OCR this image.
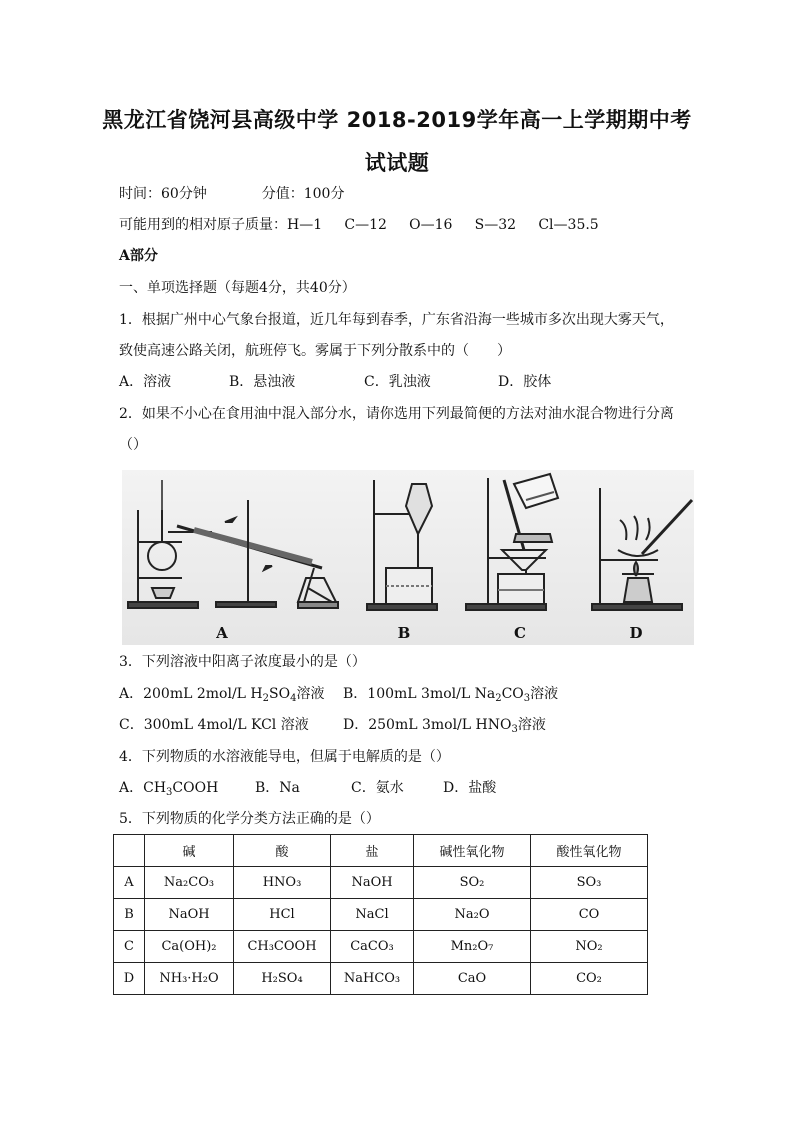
黑龙江省饶河县高级中学 2018-2019学年高一上学期期中考
试试题
时间：60分钟	分值：100分
可能用到的相对原子质量：H—1     C—12     O—16     S—32     Cl—35.5
A部分
一、单项选择题（每题4分，共40分）
1．根据广州中心气象台报道，近几年每到春季，广东省沿海一些城市多次出现大雾天气，
致使高速公路关闭，航班停飞。雾属于下列分散系中的（　　）
A．溶液	B．悬浊液	C．乳浊液	D．胶体
2．如果不小心在食用油中混入部分水，请你选用下列最简便的方法对油水混合物进行分离
（）
A	B	C	D
3．下列溶液中阳离子浓度最小的是（）
A．200mL 2mol/L $H_2SO_4$溶液 B．100mL 3mol/L $Na_2CO_3$溶液
C．300mL 4mol/L KCl 溶液 D．250mL 3mol/L $HNO_3$溶液
4．下列物质的水溶液能导电，但属于电解质的是（）
A．$CH_3COOH$	B．Na	C．氨水	D．盐酸
5．下列物质的化学分类方法正确的是（）
	碱	酸	盐	碱性氧化物	酸性氧化物
A	Na₂CO₃	HNO₃	NaOH	SO₂	SO₃
B	NaOH	HCl	NaCl	Na₂O	CO
C	Ca(OH)₂	CH₃COOH	CaCO₃	Mn₂O₇	NO₂
D	NH₃·H₂O	H₂SO₄	NaHCO₃	CaO	CO₂
